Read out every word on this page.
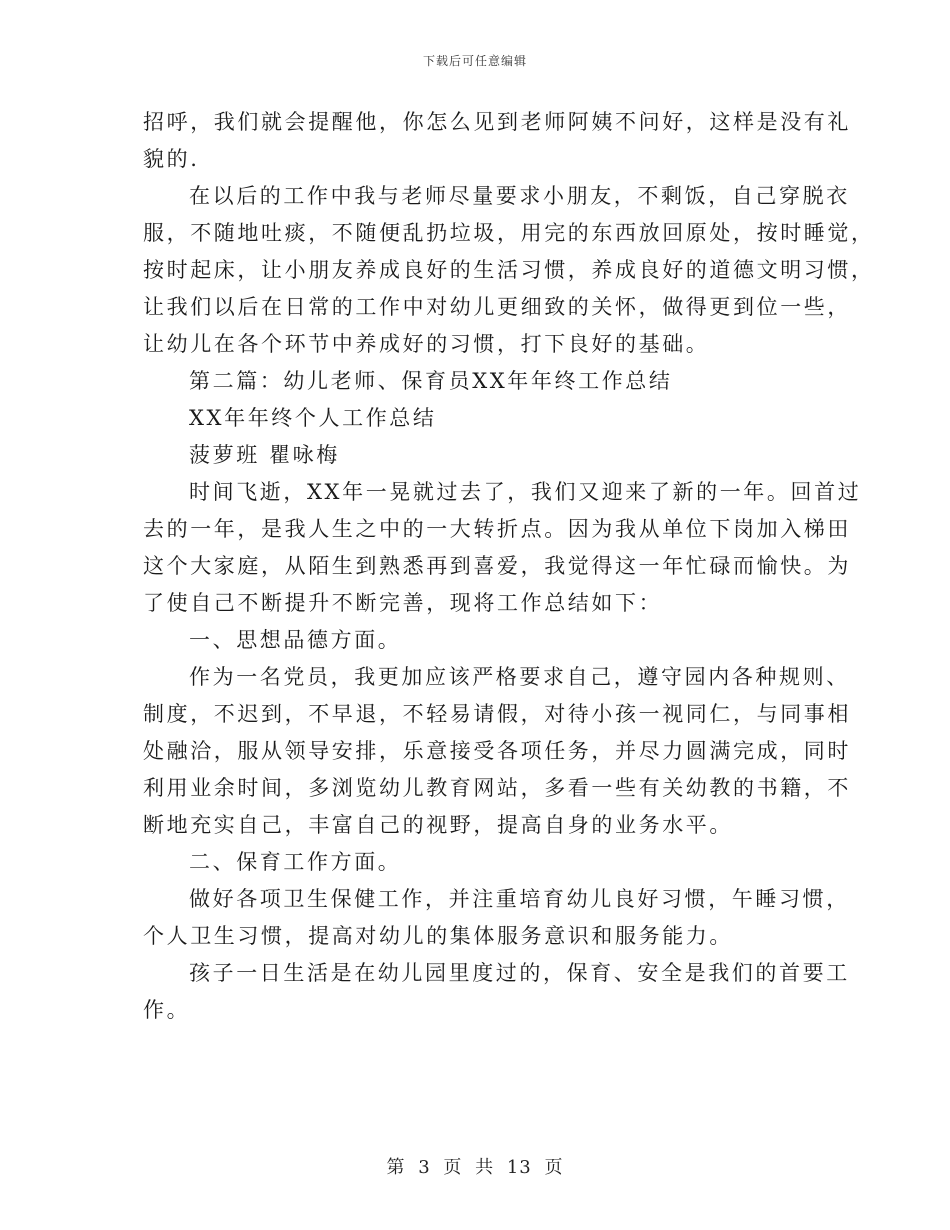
下载后可任意编辑
招呼，我们就会提醒他，你怎么见到老师阿姨不问好，这样是没有礼
貌的.
在以后的工作中我与老师尽量要求小朋友，不剩饭，自己穿脱衣
服，不随地吐痰，不随便乱扔垃圾，用完的东西放回原处，按时睡觉，
按时起床，让小朋友养成良好的生活习惯，养成良好的道德文明习惯，
让我们以后在日常的工作中对幼儿更细致的关怀，做得更到位一些，
让幼儿在各个环节中养成好的习惯，打下良好的基础。
第二篇：幼儿老师、保育员XX年年终工作总结
XX年年终个人工作总结
菠萝班 瞿咏梅
时间飞逝，XX年一晃就过去了，我们又迎来了新的一年。回首过
去的一年，是我人生之中的一大转折点。因为我从单位下岗加入梯田
这个大家庭，从陌生到熟悉再到喜爱，我觉得这一年忙碌而愉快。为
了使自己不断提升不断完善，现将工作总结如下：
一、思想品德方面。
作为一名党员，我更加应该严格要求自己，遵守园内各种规则、
制度，不迟到，不早退，不轻易请假，对待小孩一视同仁，与同事相
处融洽，服从领导安排，乐意接受各项任务，并尽力圆满完成，同时
利用业余时间，多浏览幼儿教育网站，多看一些有关幼教的书籍，不
断地充实自己，丰富自己的视野，提高自身的业务水平。
二、保育工作方面。
做好各项卫生保健工作，并注重培育幼儿良好习惯，午睡习惯，
个人卫生习惯，提高对幼儿的集体服务意识和服务能力。
孩子一日生活是在幼儿园里度过的，保育、安全是我们的首要工
作。
第 3 页 共 13 页
